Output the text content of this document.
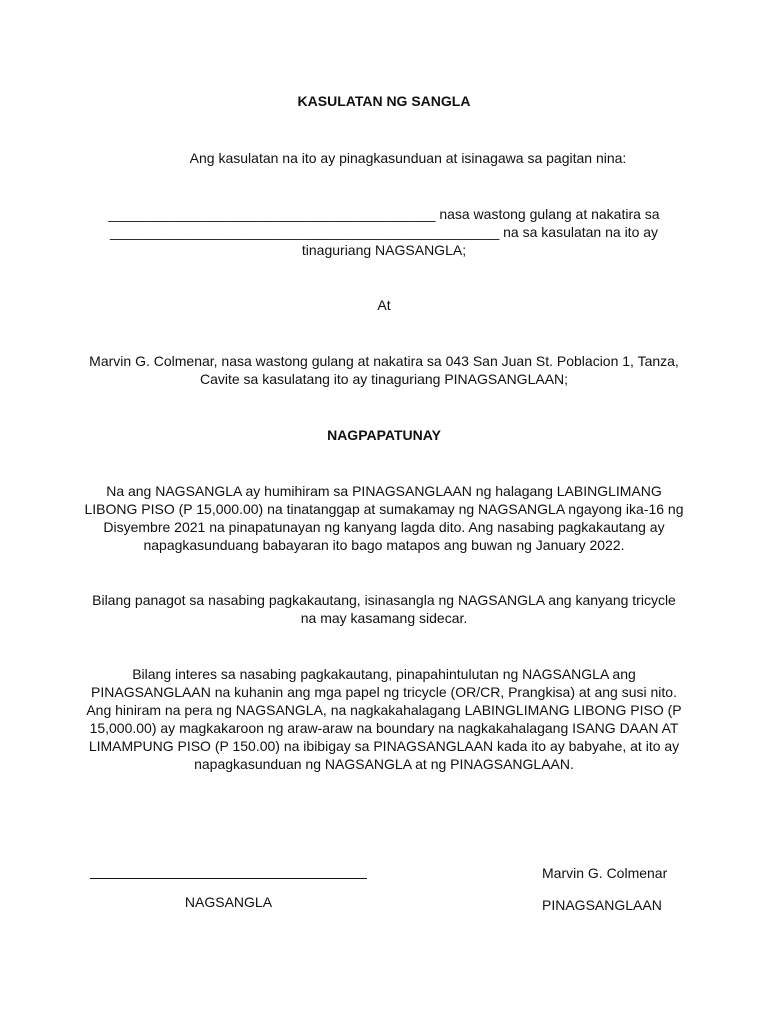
KASULATAN NG SANGLA

Ang kasulatan na ito ay pinagkasunduan at isinagawa sa pagitan nina:

__________________________________________ nasa wastong gulang at nakatira sa
__________________________________________________ na sa kasulatan na ito ay
tinaguriang NAGSANGLA;

At

Marvin G. Colmenar, nasa wastong gulang at nakatira sa 043 San Juan St. Poblacion 1, Tanza, Cavite sa kasulatang ito ay tinaguriang PINAGSANGLAAN;

NAGPAPATUNAY

Na ang NAGSANGLA ay humihiram sa PINAGSANGLAAN ng halagang LABINGLIMANG LIBONG PISO (P 15,000.00) na tinatanggap at sumakamay ng NAGSANGLA ngayong ika-16 ng Disyembre 2021 na pinapatunayan ng kanyang lagda dito. Ang nasabing pagkakautang ay napagkasunduang babayaran ito bago matapos ang buwan ng January 2022.

Bilang panagot sa nasabing pagkakautang, isinasangla ng NAGSANGLA ang kanyang tricycle na may kasamang sidecar.

Bilang interes sa nasabing pagkakautang, pinapahintulutan ng NAGSANGLA ang PINAGSANGLAAN na kuhanin ang mga papel ng tricycle (OR/CR, Prangkisa) at ang susi nito. Ang hiniram na pera ng NAGSANGLA, na nagkakahalagang LABINGLIMANG LIBONG PISO (P 15,000.00) ay magkakaroon ng araw-araw na boundary na nagkakahalagang ISANG DAAN AT LIMAMPUNG PISO (P 150.00) na ibibigay sa PINAGSANGLAAN kada ito ay babyahe, at ito ay napagkasunduan ng NAGSANGLA at ng PINAGSANGLAAN.

NAGSANGLA
Marvin G. Colmenar
PINAGSANGLAAN
